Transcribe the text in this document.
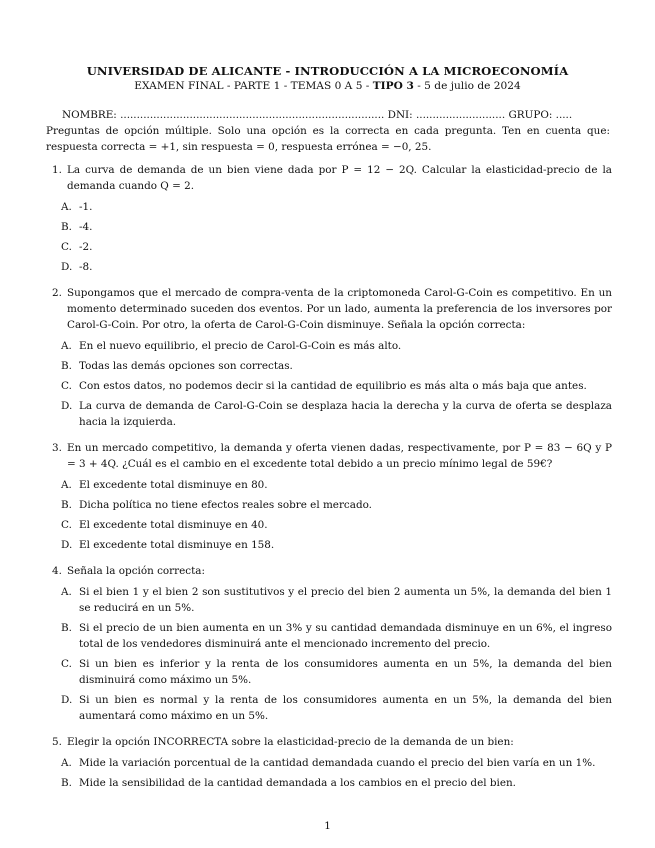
UNIVERSIDAD DE ALICANTE - INTRODUCCIÓN A LA MICROECONOMÍA
EXAMEN FINAL - PARTE 1 - TEMAS 0 A 5 - TIPO 3 - 5 de julio de 2024
NOMBRE: ................................................................................ DNI: ........................... GRUPO: .....
Preguntas de opción múltiple. Solo una opción es la correcta en cada pregunta. Ten en cuenta que: respuesta correcta = +1, sin respuesta = 0, respuesta errónea = −0, 25.
1. La curva de demanda de un bien viene dada por P = 12 − 2Q. Calcular la elasticidad-precio de la demanda cuando Q = 2.
A. -1.
B. -4.
C. -2.
D. -8.
2. Supongamos que el mercado de compra-venta de la criptomoneda Carol-G-Coin es competitivo. En un momento determinado suceden dos eventos. Por un lado, aumenta la preferencia de los inversores por Carol-G-Coin. Por otro, la oferta de Carol-G-Coin disminuye. Señala la opción correcta:
A. En el nuevo equilibrio, el precio de Carol-G-Coin es más alto.
B. Todas las demás opciones son correctas.
C. Con estos datos, no podemos decir si la cantidad de equilibrio es más alta o más baja que antes.
D. La curva de demanda de Carol-G-Coin se desplaza hacia la derecha y la curva de oferta se desplaza hacia la izquierda.
3. En un mercado competitivo, la demanda y oferta vienen dadas, respectivamente, por P = 83 − 6Q y P = 3 + 4Q. ¿Cuál es el cambio en el excedente total debido a un precio mínimo legal de 59€?
A. El excedente total disminuye en 80.
B. Dicha política no tiene efectos reales sobre el mercado.
C. El excedente total disminuye en 40.
D. El excedente total disminuye en 158.
4. Señala la opción correcta:
A. Si el bien 1 y el bien 2 son sustitutivos y el precio del bien 2 aumenta un 5%, la demanda del bien 1 se reducirá en un 5%.
B. Si el precio de un bien aumenta en un 3% y su cantidad demandada disminuye en un 6%, el ingreso total de los vendedores disminuirá ante el mencionado incremento del precio.
C. Si un bien es inferior y la renta de los consumidores aumenta en un 5%, la demanda del bien disminuirá como máximo un 5%.
D. Si un bien es normal y la renta de los consumidores aumenta en un 5%, la demanda del bien aumentará como máximo en un 5%.
5. Elegir la opción INCORRECTA sobre la elasticidad-precio de la demanda de un bien:
A. Mide la variación porcentual de la cantidad demandada cuando el precio del bien varía en un 1%.
B. Mide la sensibilidad de la cantidad demandada a los cambios en el precio del bien.
1
